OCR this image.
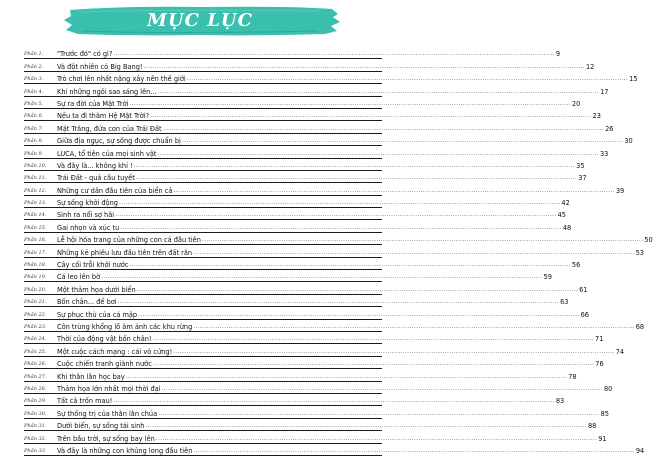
MỤC LỤC
Phần 1.	"Trước đó" có gì? ........................................................................................................................................................................................................ 9
Phần 2.	Và đột nhiên có Big Bang! ........................................................................................................................................................................................................ 12
Phần 3.	Trò chơi lên nhất nặng xây nên thế giới ........................................................................................................................................................................................................ 15
Phần 4.	Khi những ngôi sao sáng lên... ........................................................................................................................................................................................................ 17
Phần 5.	Sự ra đời của Mặt Trời ........................................................................................................................................................................................................ 20
Phần 6.	Nếu ta đi thăm Hệ Mặt Trời? ........................................................................................................................................................................................................ 23
Phần 7.	Mặt Trăng, đứa con của Trái Đất ........................................................................................................................................................................................................ 26
Phần 8.	Giữa địa ngục, sự sống được chuẩn bị ........................................................................................................................................................................................................ 30
Phần 9.	LUCA, tổ tiên của mọi sinh vật ........................................................................................................................................................................................................ 33
Phần 10.	Và đây là... không khí ! ........................................................................................................................................................................................................ 35
Phần 11.	Trái Đất - quả cầu tuyết ........................................................................................................................................................................................................ 37
Phần 12.	Những cư dân đầu tiên của biển cả ........................................................................................................................................................................................................ 39
Phần 13.	Sự sống khởi động ........................................................................................................................................................................................................ 42
Phần 14.	Sinh ra nổi sợ hãi ........................................................................................................................................................................................................ 45
Phần 15.	Gai nhọn và xúc tu ........................................................................................................................................................................................................ 48
Phần 16.	Lễ hội hóa trang của những con cá đầu tiên ........................................................................................................................................................................................................ 50
Phần 17.	Những kẻ phiêu lưu đầu tiên trên đất rắn ........................................................................................................................................................................................................ 53
Phần 18.	Cây cối trỗi khởi nước ........................................................................................................................................................................................................ 56
Phần 19.	Cá leo lên bờ ........................................................................................................................................................................................................ 59
Phần 20.	Một thảm họa dưới biển ........................................................................................................................................................................................................ 61
Phần 21.	Bốn chân... để bơi ........................................................................................................................................................................................................ 63
Phần 22.	Sự phục thù của cá mập ........................................................................................................................................................................................................ 66
Phần 23.	Côn trùng khổng lồ âm ảnh các khu rừng ........................................................................................................................................................................................................ 68
Phần 24.	Thời của động vật bốn chân! ........................................................................................................................................................................................................ 71
Phần 25.	Một cuộc cách mạng : cái vỏ cứng! ........................................................................................................................................................................................................ 74
Phần 26.	Cuộc chiến tranh giành nước ........................................................................................................................................................................................................ 76
Phần 27.	Khi thằn lằn học bay ........................................................................................................................................................................................................ 78
Phần 28.	Thảm họa lớn nhất mọi thời đại ........................................................................................................................................................................................................ 80
Phần 29.	Tất cả trốn mau! ........................................................................................................................................................................................................ 83
Phần 30.	Sự thống trị của thằn lằn chúa ........................................................................................................................................................................................................ 85
Phần 31.	Dưới biển, sự sống tái sinh ........................................................................................................................................................................................................ 88
Phần 32.	Trên bầu trời, sự sống bay lên ........................................................................................................................................................................................................ 91
Phần 33.	Và đây là những con khủng long đầu tiên ........................................................................................................................................................................................................ 94
